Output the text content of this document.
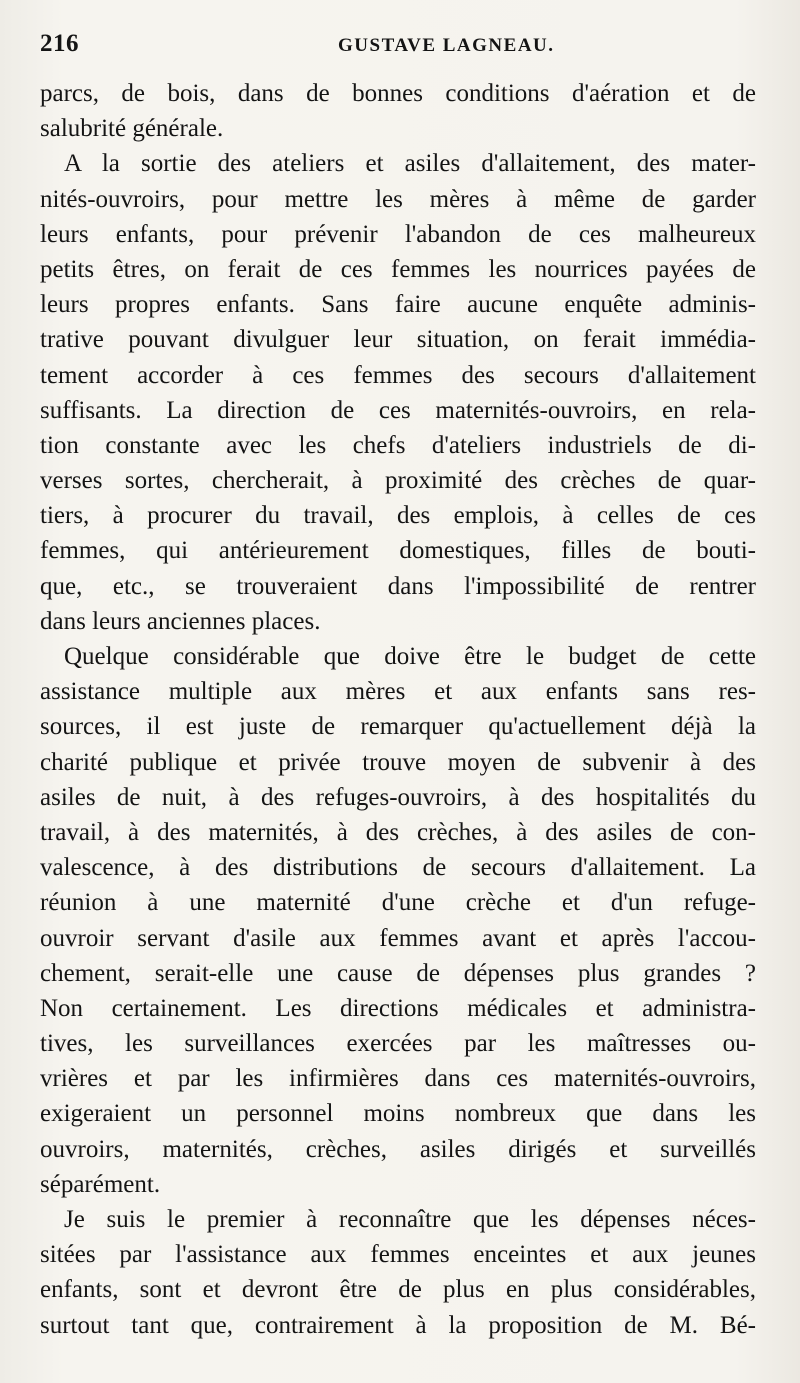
216	GUSTAVE LAGNEAU.
parcs, de bois, dans de bonnes conditions d'aération et de
salubrité générale.
A la sortie des ateliers et asiles d'allaitement, des mater-
nités-ouvroirs, pour mettre les mères à même de garder
leurs enfants, pour prévenir l'abandon de ces malheureux
petits êtres, on ferait de ces femmes les nourrices payées de
leurs propres enfants. Sans faire aucune enquête adminis-
trative pouvant divulguer leur situation, on ferait immédia-
tement accorder à ces femmes des secours d'allaitement
suffisants. La direction de ces maternités-ouvroirs, en rela-
tion constante avec les chefs d'ateliers industriels de di-
verses sortes, chercherait, à proximité des crèches de quar-
tiers, à procurer du travail, des emplois, à celles de ces
femmes, qui antérieurement domestiques, filles de bouti-
que, etc., se trouveraient dans l'impossibilité de rentrer
dans leurs anciennes places.
Quelque considérable que doive être le budget de cette
assistance multiple aux mères et aux enfants sans res-
sources, il est juste de remarquer qu'actuellement déjà la
charité publique et privée trouve moyen de subvenir à des
asiles de nuit, à des refuges-ouvroirs, à des hospitalités du
travail, à des maternités, à des crèches, à des asiles de con-
valescence, à des distributions de secours d'allaitement. La
réunion à une maternité d'une crèche et d'un refuge-
ouvroir servant d'asile aux femmes avant et après l'accou-
chement, serait-elle une cause de dépenses plus grandes ?
Non certainement. Les directions médicales et administra-
tives, les surveillances exercées par les maîtresses ou-
vrières et par les infirmières dans ces maternités-ouvroirs,
exigeraient un personnel moins nombreux que dans les
ouvroirs, maternités, crèches, asiles dirigés et surveillés
séparément.
Je suis le premier à reconnaître que les dépenses néces-
sitées par l'assistance aux femmes enceintes et aux jeunes
enfants, sont et devront être de plus en plus considérables,
surtout tant que, contrairement à la proposition de M. Bé-
